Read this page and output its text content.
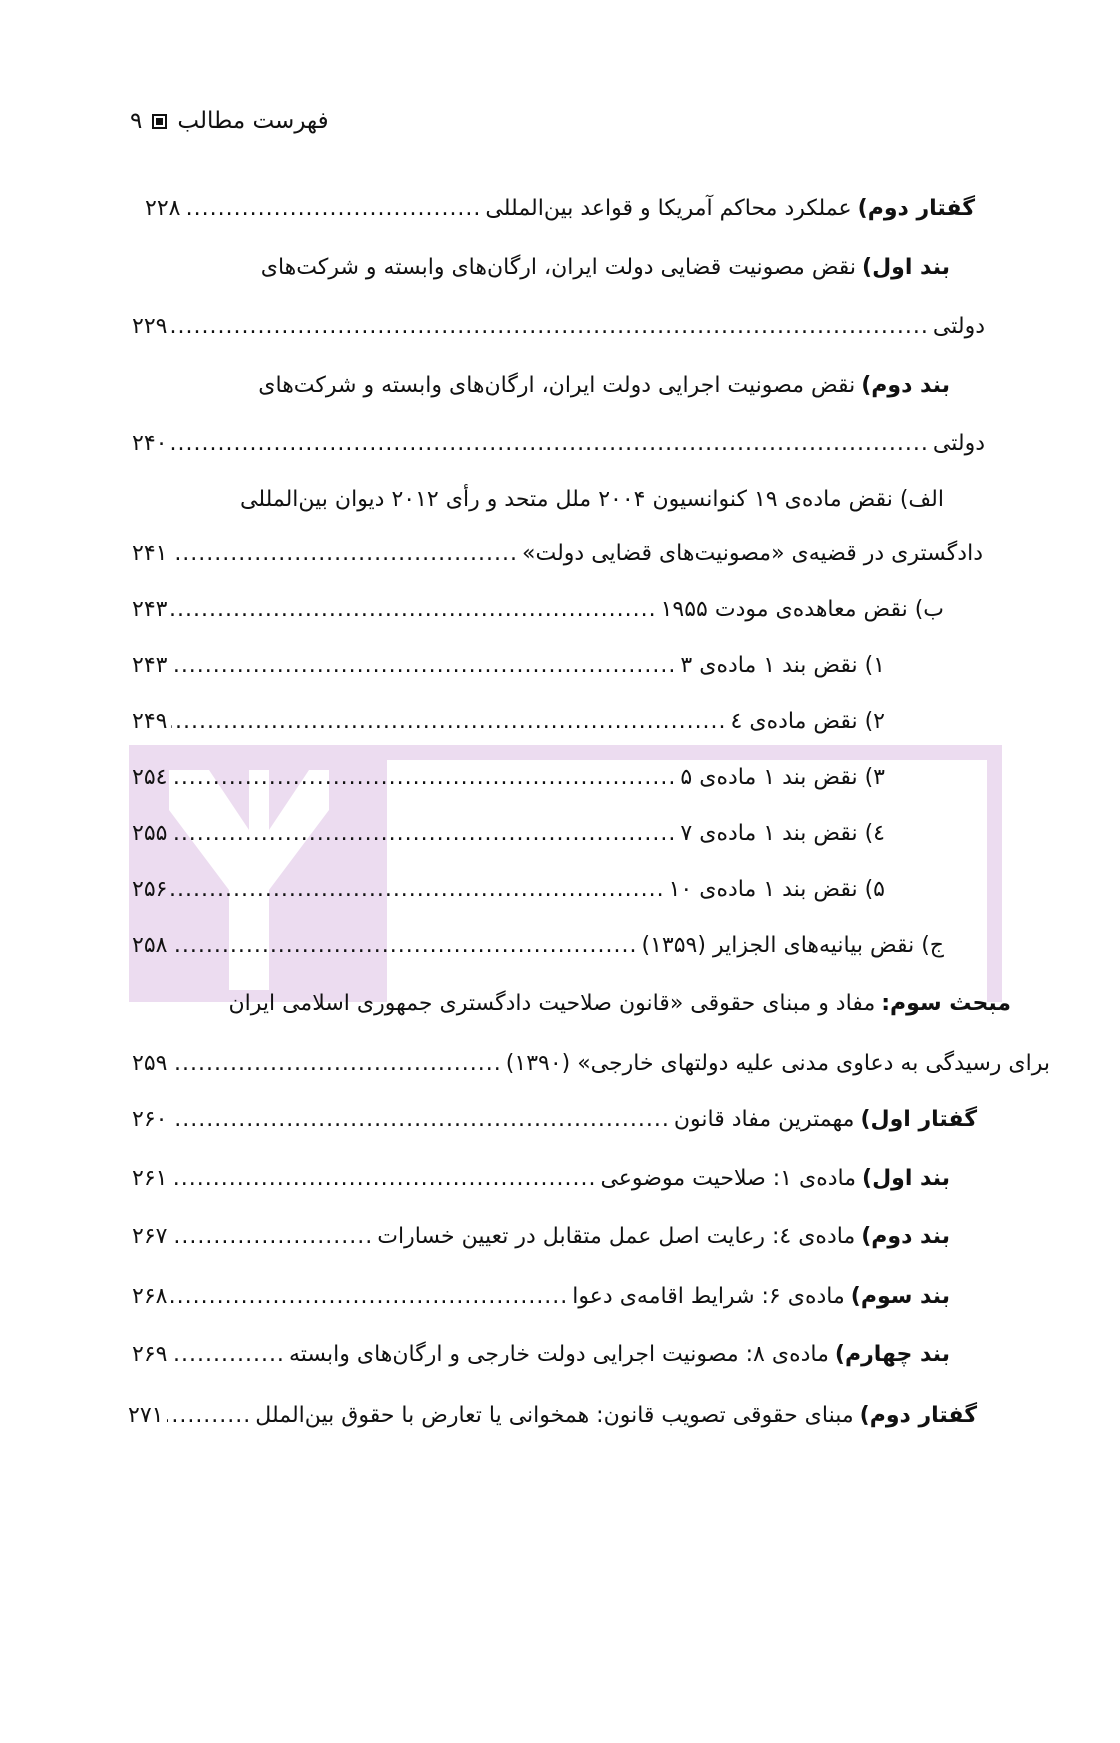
فهرست مطالب
۹
گفتار دوم)عملکرد محاکم آمریکا و قواعد بین‌المللی
.....
۲۲۸
بند اول)نقض مصونیت قضایی دولت ایران، ارگان‌های وابسته و شرکت‌های
دولتی
.....
۲۲۹
بند دوم)نقض مصونیت اجرایی دولت ایران، ارگان‌های وابسته و شرکت‌های
دولتی
.....
۲۴۰
الف) نقض ماده‌ی ۱۹ کنوانسیون ۲۰۰۴ ملل متحد و رأی ۲۰۱۲ دیوان بین‌المللی
دادگستری در قضیه‌ی «مصونیت‌های قضایی دولت»
.....
۲۴۱
ب) نقض معاهده‌ی مودت ۱۹۵۵
.....
۲۴۳
۱) نقض بند ۱ ماده‌ی ۳
.....
۲۴۳
۲) نقض ماده‌ی ٤
.....
۲۴۹
۳) نقض بند ۱ ماده‌ی ۵
.....
۲۵٤
٤) نقض بند ۱ ماده‌ی ۷
.....
۲۵۵
۵) نقض بند ۱ ماده‌ی ۱۰
.....
۲۵۶
ج) نقض بیانیه‌های الجزایر (۱۳۵۹)
.....
۲۵۸
مبحث سوم:مفاد و مبنای حقوقی «قانون صلاحیت دادگستری جمهوری اسلامی ایران
برای رسیدگی به دعاوی مدنی علیه دولتهای خارجی» (۱۳۹۰)
.....
۲۵۹
گفتار اول)مهمترین مفاد قانون
.....
۲۶۰
بند اول)ماده‌ی ۱: صلاحیت موضوعی
.....
۲۶۱
بند دوم)ماده‌ی ٤: رعایت اصل عمل متقابل در تعیین خسارات
.....
۲۶۷
بند سوم)ماده‌ی ۶: شرایط اقامه‌ی دعوا
.....
۲۶۸
بند چهارم)ماده‌ی ۸: مصونیت اجرایی دولت خارجی و ارگان‌های وابسته
.....
۲۶۹
گفتار دوم)مبنای حقوقی تصویب قانون: همخوانی یا تعارض با حقوق بین‌الملل
.....
۲۷۱
